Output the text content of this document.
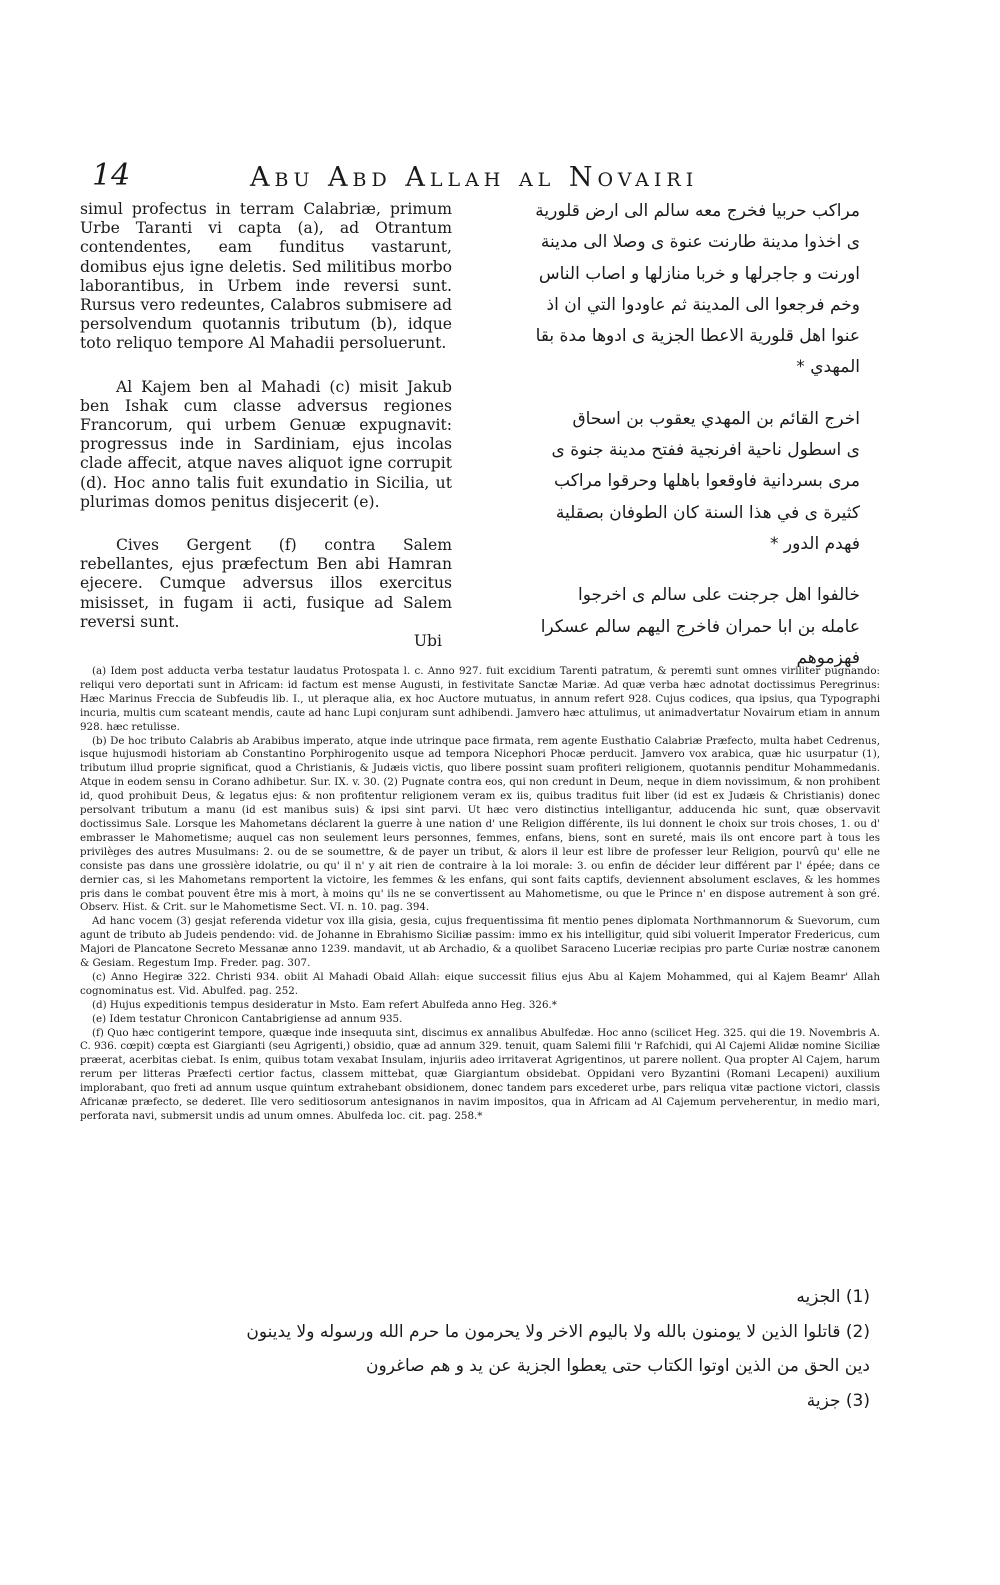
14	Abu Abd Allah al Novairi

simul profectus in terram Calabriæ, primum Urbe Taranti vi capta (a), ad Otrantum contendentes, eam funditus vastarunt, domibus ejus igne deletis. Sed militibus morbo laborantibus, in Urbem inde reversi sunt. Rursus vero redeuntes, Calabros submisere ad persolvendum quotannis tributum (b), idque toto reliquo tempore Al Mahadii persoluerunt.

Al Kajem ben al Mahadi (c) misit Jakub ben Ishak cum classe adversus regiones Francorum, qui urbem Genuæ expugnavit: progressus inde in Sardiniam, ejus incolas clade affecit, atque naves aliquot igne corrupit (d). Hoc anno talis fuit exundatio in Sicilia, ut plurimas domos penitus disjecerit (e).

Cives Gergent (f) contra Salem rebellantes, ejus præfectum Ben abi Hamran ejecere. Cumque adversus illos exercitus misisset, in fugam ii acti, fusique ad Salem reversi sunt.

Ubi

مراكب حربيا فخرج معه سالم الى ارض قلورية

ى اخذوا مدينة طارنت عنوة ى وصلا الى مدينة

اورنت و جاجرلها و خربا منازلها و اصاب الناس

وخم فرجعوا الى المدينة ثم عاودوا التي ان اذ

عنوا اهل قلورية الاعطا الجزية ى ادوها مدة بقا

المهدي *

اخرج القائم بن المهدي يعقوب بن اسحاق

ى اسطول ناحية افرنجية ففتح مدينة جنوة ى

مرى بسردانية فاوقعوا باهلها وحرقوا مراكب

كثيرة ى في هذا السنة كان الطوفان بصقلية

فهدم الدور *

خالفوا اهل جرجنت على سالم ى اخرجوا

عامله بن ابا حمران فاخرج اليهم سالم عسكرا

فهزموهم

(a) Idem post adducta verba testatur laudatus Protospata l. c. Anno 927. fuit excidium Tarenti patratum, & peremti sunt omnes viriliter pugnando: reliqui vero deportati sunt in Africam: id factum est mense Augusti, in festivitate Sanctæ Mariæ. Ad quæ verba hæc adnotat doctissimus Peregrinus: Hæc Marinus Freccia de Subfeudis lib. I., ut pleraque alia, ex hoc Auctore mutuatus, in annum refert 928. Cujus codices, qua ipsius, qua Typographi incuria, multis cum scateant mendis, caute ad hanc Lupi conjuram sunt adhibendi. Jamvero hæc attulimus, ut animadvertatur Novairum etiam in annum 928. hæc retulisse.

(b) De hoc tributo Calabris ab Arabibus imperato, atque inde utrinque pace firmata, rem agente Eusthatio Calabriæ Præfecto, multa habet Cedrenus, isque hujusmodi historiam ab Constantino Porphirogenito usque ad tempora Nicephori Phocæ perducit. Jamvero vox arabica, quæ hic usurpatur (1), tributum illud proprie significat, quod a Christianis, & Judæis victis, quo libere possint suam profiteri religionem, quotannis penditur Mohammedanis. Atque in eodem sensu in Corano adhibetur. Sur. IX. v. 30. (2) Pugnate contra eos, qui non credunt in Deum, neque in diem novissimum, & non prohibent id, quod prohibuit Deus, & legatus ejus: & non profitentur religionem veram ex iis, quibus traditus fuit liber (id est ex Judæis & Christianis) donec persolvant tributum a manu (id est manibus suis) & ipsi sint parvi. Ut hæc vero distinctius intelligantur, adducenda hic sunt, quæ observavit doctissimus Sale. Lorsque les Mahometans déclarent la guerre à une nation d' une Religion différente, ils lui donnent le choix sur trois choses, 1. ou d' embrasser le Mahometisme; auquel cas non seulement leurs personnes, femmes, enfans, biens, sont en sureté, mais ils ont encore part à tous les privilèges des autres Musulmans: 2. ou de se soumettre, & de payer un tribut, & alors il leur est libre de professer leur Religion, pourvû qu' elle ne consiste pas dans une grossière idolatrie, ou qu' il n' y ait rien de contraire à la loi morale: 3. ou enfin de décider leur différent par l' épée; dans ce dernier cas, si les Mahometans remportent la victoire, les femmes & les enfans, qui sont faits captifs, deviennent absolument esclaves, & les hommes pris dans le combat pouvent être mis à mort, à moins qu' ils ne se convertissent au Mahometisme, ou que le Prince n' en dispose autrement à son gré. Observ. Hist. & Crit. sur le Mahometisme Sect. VI. n. 10. pag. 394.

Ad hanc vocem (3) gesjat referenda videtur vox illa gisia, gesia, cujus frequentissima fit mentio penes diplomata Northmannorum & Suevorum, cum agunt de tributo ab Judeis pendendo: vid. de Johanne in Ebrahismo Siciliæ passim: immo ex his intelligitur, quid sibi voluerit Imperator Fredericus, cum Majori de Plancatone Secreto Messanæ anno 1239. mandavit, ut ab Archadio, & a quolibet Saraceno Luceriæ recipias pro parte Curiæ nostræ canonem & Gesiam. Regestum Imp. Freder. pag. 307.

(c) Anno Hegiræ 322. Christi 934. obiit Al Mahadi Obaid Allah: eique successit filius ejus Abu al Kajem Mohammed, qui al Kajem Beamr' Allah cognominatus est. Vid. Abulfed. pag. 252.

(d) Hujus expeditionis tempus desideratur in Msto. Eam refert Abulfeda anno Heg. 326.*

(e) Idem testatur Chronicon Cantabrigiense ad annum 935.

(f) Quo hæc contigerint tempore, quæque inde insequuta sint, discimus ex annalibus Abulfedæ. Hoc anno (scilicet Heg. 325. qui die 19. Novembris A. C. 936. cœpit) cœpta est Giargianti (seu Agrigenti,) obsidio, quæ ad annum 329. tenuit, quam Salemi filii 'r Rafchidi, qui Al Cajemi Alidæ nomine Siciliæ præerat, acerbitas ciebat. Is enim, quibus totam vexabat Insulam, injuriis adeo irritaverat Agrigentinos, ut parere nollent. Qua propter Al Cajem, harum rerum per litteras Præfecti certior factus, classem mittebat, quæ Giargiantum obsidebat. Oppidani vero Byzantini (Romani Lecapeni) auxilium implorabant, quo freti ad annum usque quintum extrahebant obsidionem, donec tandem pars excederet urbe, pars reliqua vitæ pactione victori, classis Africanæ præfecto, se dederet. Ille vero seditiosorum antesignanos in navim impositos, qua in Africam ad Al Cajemum perveherentur, in medio mari, perforata navi, submersit undis ad unum omnes. Abulfeda loc. cit. pag. 258.*

(1) الجزيه

(2) قاتلوا الذين لا يومنون بالله ولا باليوم الاخر ولا يحرمون ما حرم الله ورسوله ولا يدينون

دين الحق من الذين اوتوا الكتاب حتى يعطوا الجزية عن يد و هم صاغرون

(3) جزية
